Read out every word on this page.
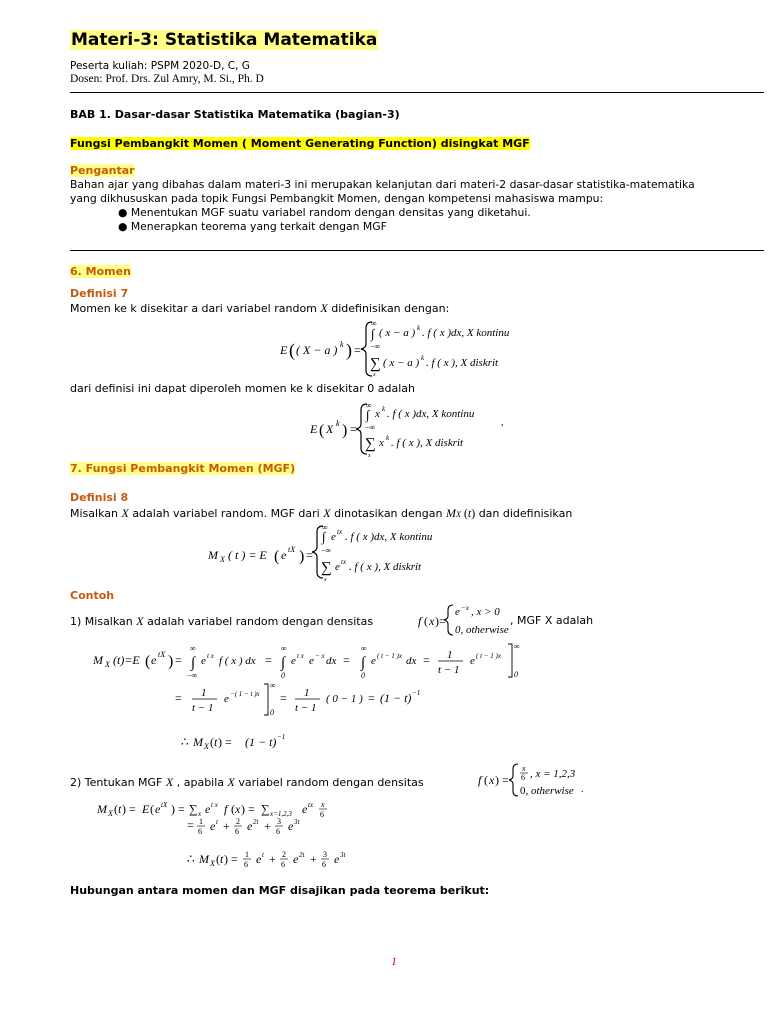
Materi-3: Statistika Matematika
Peserta kuliah: PSPM 2020-D, C, G
Dosen: Prof. Drs. Zul Amry, M. Si., Ph. D
BAB 1. Dasar-dasar Statistika Matematika (bagian-3)
Fungsi Pembangkit Momen ( Moment Generating Function) disingkat MGF
Pengantar
Bahan ajar yang dibahas dalam materi-3 ini merupakan kelanjutan dari materi-2 dasar-dasar statistika-matematika
yang dikhususkan pada topik Fungsi Pembangkit Momen, dengan kompetensi mahasiswa mampu:
● Menentukan MGF suatu variabel random dengan densitas yang diketahui.
● Menerapkan teorema yang terkait dengan MGF
6. Momen
Definisi 7
Momen ke k disekitar a dari variabel random X didefinisikan dengan:
E ( ( X − a ) k ) =
∞
∫
−∞
( x − a ) k . f ( x )dx, X kontinu
∑
x
( x − a ) k . f ( x ), X diskrit
dari definisi ini dapat diperoleh momen ke k disekitar 0 adalah
E ( X k ) =
∞
∫
−∞
x k . f ( x )dx, X kontinu
,
∑
x
x k . f ( x ), X diskrit
7. Fungsi Pembangkit Momen (MGF)
Definisi 8
Misalkan X adalah variabel random. MGF dari X dinotasikan dengan MX (t) dan didefinisikan
M X ( t ) = E ( e tX ) =
∞
∫
−∞
e tx . f ( x )dx, X kontinu
∑
x
e tx . f ( x ), X diskrit
Contoh
1) Misalkan X adalah variabel random dengan densitas	f ( x )=
e −x , x > 0
0, otherwise
, MGF X adalah
M X (t)=E ( e tX ) =
∞
∫
−∞
e t x f ( x ) dx =
∞
∫
0
e t x e − x dx =
∞
∫
0
e ( t − 1 )x dx = 1
t − 1
e ( t − 1 )x
∞
0
= 1
t − 1
e −( 1 − t )x
∞
0
= 1
t − 1
( 0 − 1 ) = (1 − t) −1
∴ M X ( t ) = (1 − t) −1
2) Tentukan MGF X , apabila X variabel random dengan densitas	f ( x ) =
x
6 , x = 1,2,3
0, otherwise .
M X ( t ) = E ( e tX ) = ∑ x e t x f ( x ) = ∑ x=1,2,3 e tx x
6
= 1
6 e t + 2
6 e 2t + 3
6 e 3t
∴ M X ( t ) = 1
6 e t + 2
6 e 2t + 3
6 e 3t
Hubungan antara momen dan MGF disajikan pada teorema berikut:
1
